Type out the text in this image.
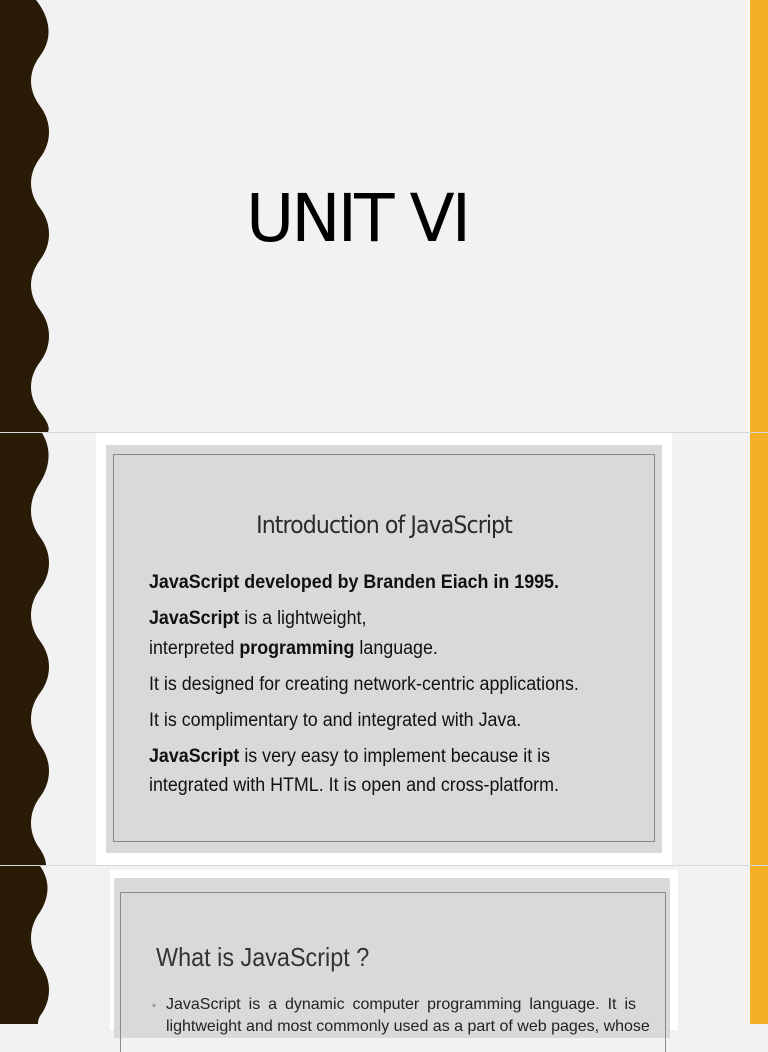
UNIT VI
Introduction of JavaScript
JavaScript developed by Branden Eiach in 1995.
JavaScript is a lightweight,
interpreted programming language.
It is designed for creating network-centric applications.
It is complimentary to and integrated with Java.
JavaScript is very easy to implement because it is
integrated with HTML. It is open and cross-platform.
What is JavaScript ?
◦ JavaScript is a dynamic computer programming language. It is
lightweight and most commonly used as a part of web pages, whose
